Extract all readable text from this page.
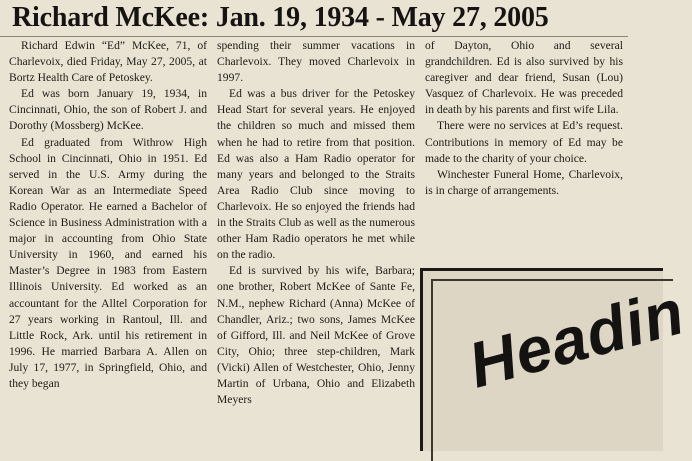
Richard McKee: Jan. 19, 1934 - May 27, 2005

Richard Edwin “Ed” McKee, 71, of Charlevoix, died Friday, May 27, 2005, at Bortz Health Care of Petoskey.

Ed was born January 19, 1934, in Cincinnati, Ohio, the son of Robert J. and Dorothy (Mossberg) McKee.

Ed graduated from Withrow High School in Cincinnati, Ohio in 1951. Ed served in the U.S. Army during the Korean War as an Intermediate Speed Radio Operator. He earned a Bachelor of Science in Business Administration with a major in accounting from Ohio State University in 1960, and earned his Master’s Degree in 1983 from Eastern Illinois University. Ed worked as an accountant for the Alltel Corporation for 27 years working in Rantoul, Ill. and Little Rock, Ark. until his retirement in 1996. He married Barbara A. Allen on July 17, 1977, in Springfield, Ohio, and they began

spending their summer vacations in Charlevoix. They moved Charlevoix in 1997.

Ed was a bus driver for the Petoskey Head Start for several years. He enjoyed the children so much and missed them when he had to retire from that position. Ed was also a Ham Radio operator for many years and belonged to the Straits Area Radio Club since moving to Charlevoix. He so enjoyed the friends had in the Straits Club as well as the numerous other Ham Radio operators he met while on the radio.

Ed is survived by his wife, Barbara; one brother, Robert McKee of Sante Fe, N.M., nephew Richard (Anna) McKee of Chandler, Ariz.; two sons, James McKee of Gifford, Ill. and Neil McKee of Grove City, Ohio; three step-children, Mark (Vicki) Allen of Westchester, Ohio, Jenny Martin of Urbana, Ohio and Elizabeth Meyers

of Dayton, Ohio and several grandchildren. Ed is also survived by his caregiver and dear friend, Susan (Lou) Vasquez of Charlevoix. He was preceded in death by his parents and first wife Lila.

There were no services at Ed’s request. Contributions in memory of Ed may be made to the charity of your choice.

Winchester Funeral Home, Charlevoix, is in charge of arrangements.

Headin
